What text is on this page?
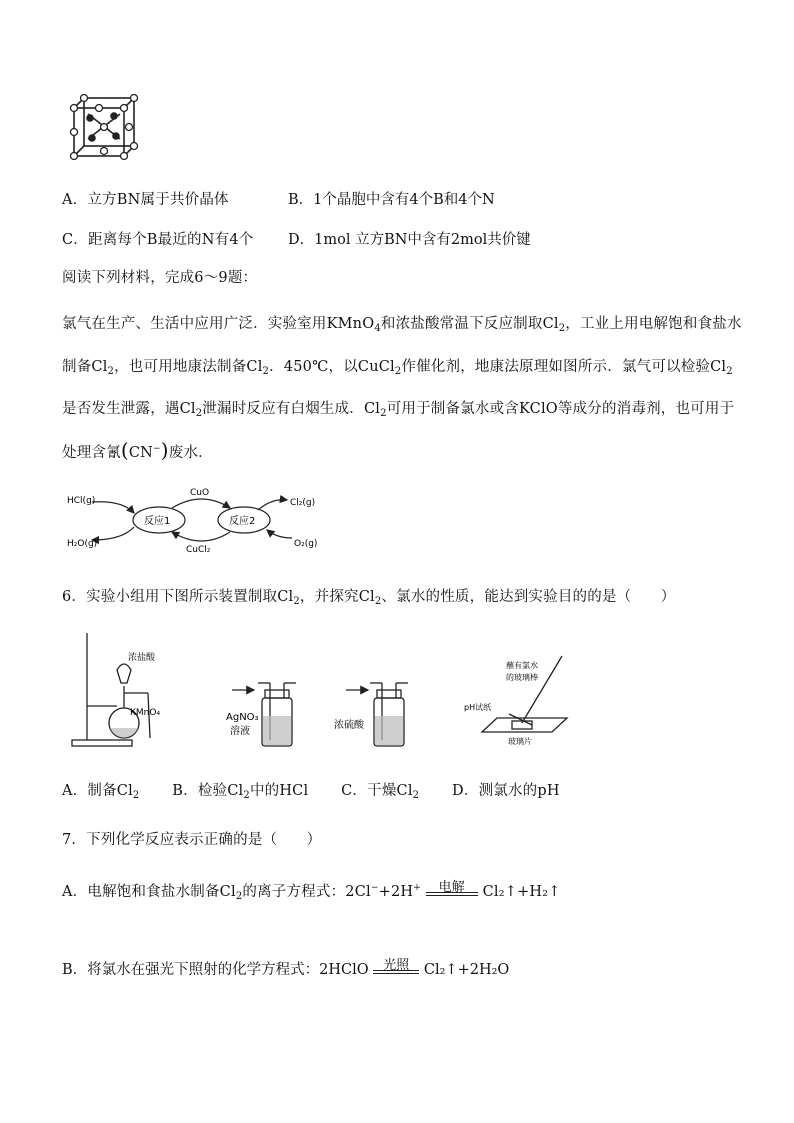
A．立方BN属于共价晶体	B．1个晶胞中含有4个B和4个N
C．距离每个B最近的N有4个 D．1mol 立方BN中含有2mol共价键
阅读下列材料，完成6～9题：
氯气在生产、生活中应用广泛．实验室用KMnO$_4$和浓盐酸常温下反应制取$Cl_2$，工业上用电解饱和食盐水
制备$Cl_2$，也可用地康法制备$Cl_2$．450℃，以CuCl$_2$作催化剂，地康法原理如图所示．氯气可以检验$Cl_2$
是否发生泄露，遇$Cl_2$泄漏时反应有白烟生成．$Cl_2$可用于制备氯水或含KClO等成分的消毒剂，也可用于
处理含氰(CN−)废水．
HCl(g)
H₂O(g)
CuO
CuCl₂
反应1	反应2
Cl₂(g)
O₂(g)
6．实验小组用下图所示装置制取$Cl_2$，并探究$Cl_2$、氯水的性质，能达到实验目的的是（　　）
浓盐酸
KMnO₄	AgNO₃
溶液
浓硫酸
蘸有氯水
的玻璃棒
pH试纸
玻璃片
A．制备$Cl_2$ B．检验$Cl_2$中的HCl C．干燥$Cl_2$ D．测氯水的pH
7．下列化学反应表示正确的是（　　）
A．电解饱和食盐水制备$Cl_2$的离子方程式：2Cl−+2H+	电解	Cl₂↑+H₂↑
B．将氯水在强光下照射的化学方程式：2HClO	光照	Cl₂↑+2H₂O
